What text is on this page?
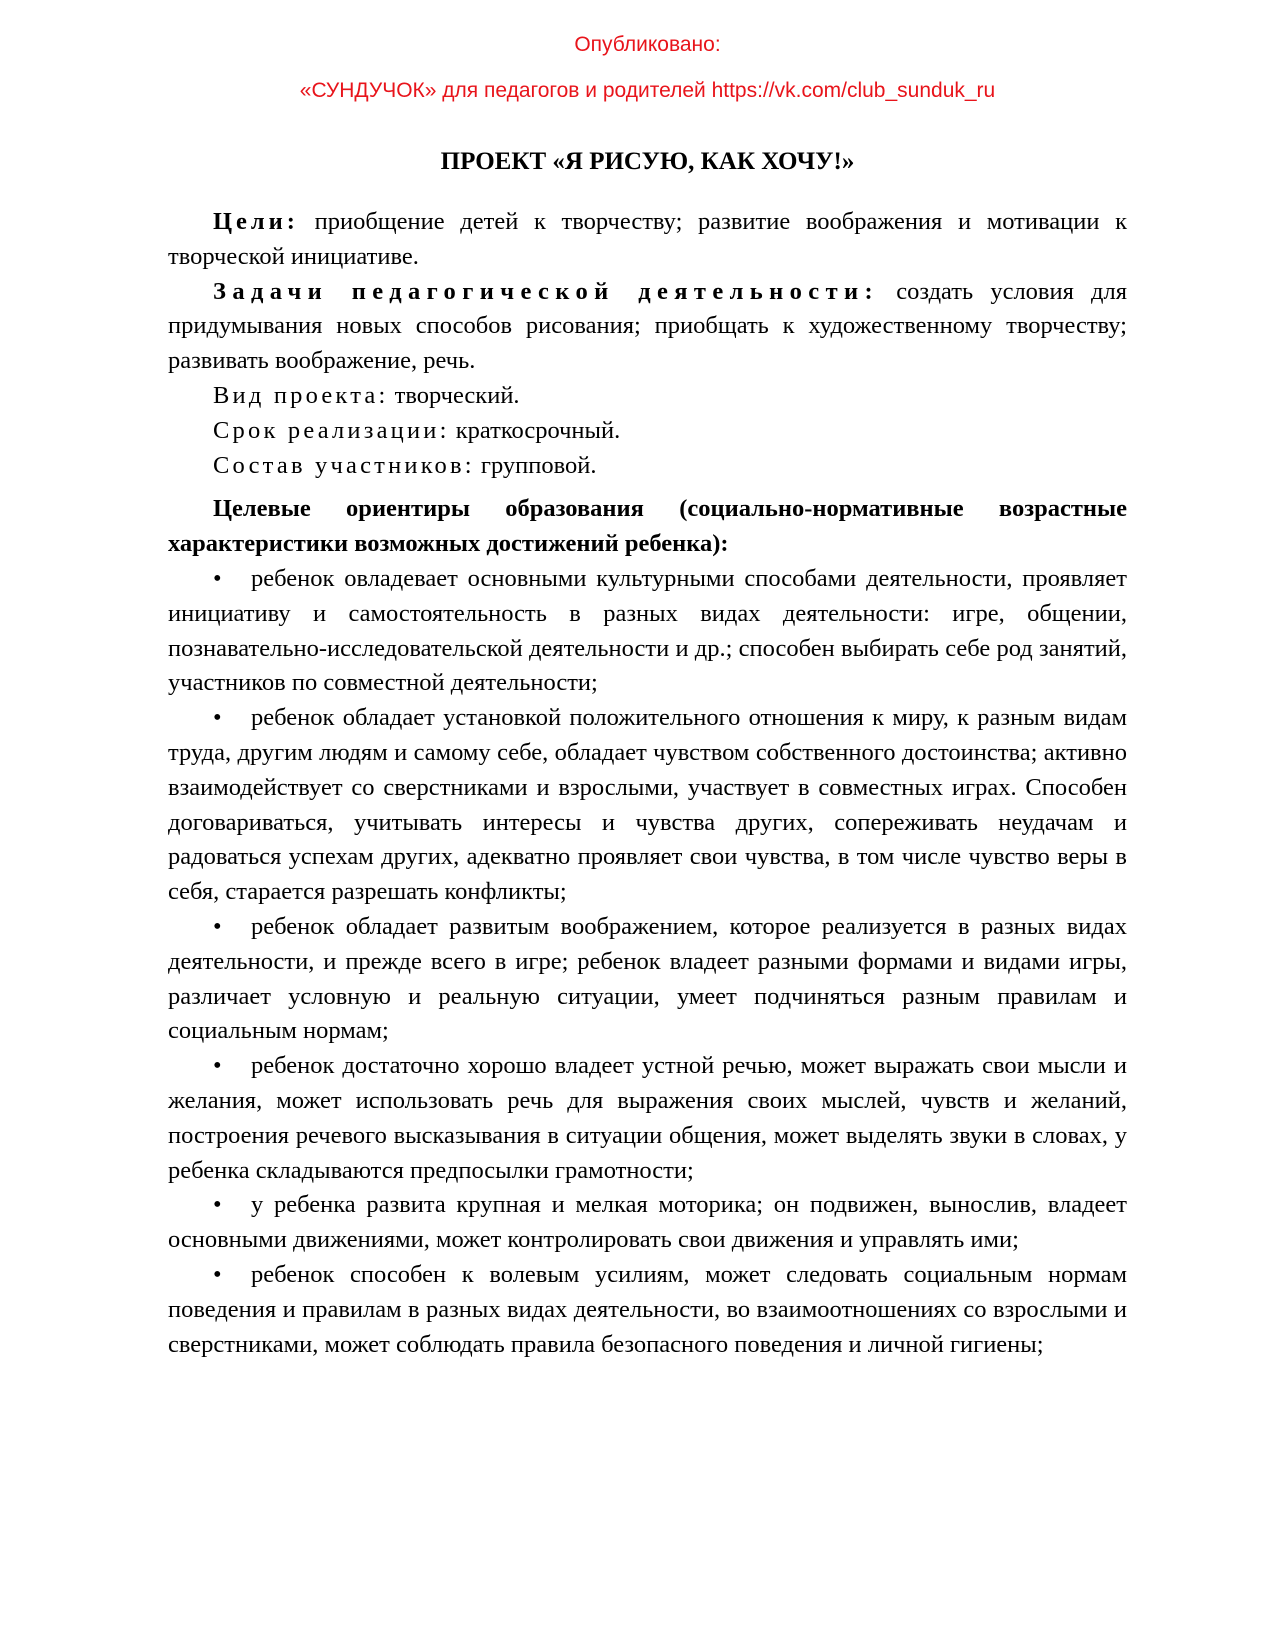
Опубликовано:
«СУНДУЧОК» для педагогов и родителей https://vk.com/club_sunduk_ru
ПРОЕКТ «Я РИСУЮ, КАК ХОЧУ!»

Цели: приобщение детей к творчеству; развитие воображения и мотивации к творческой инициативе.

Задачи педагогической деятельности: создать условия для придумывания новых способов рисования; приобщать к художественному творчеству; развивать воображение, речь.

Вид проекта: творческий.

Срок реализации: краткосрочный.

Состав участников: групповой.

Целевые ориентиры образования (социально-нормативные возрастные характеристики возможных достижений ребенка):

• ребенок овладевает основными культурными способами деятельности, проявляет инициативу и самостоятельность в разных видах деятельности: игре, общении, познавательно-исследовательской деятельности и др.; способен выбирать себе род занятий, участников по совместной деятельности;

• ребенок обладает установкой положительного отношения к миру, к разным видам труда, другим людям и самому себе, обладает чувством собственного достоинства; активно взаимодействует со сверстниками и взрослыми, участвует в совместных играх. Способен договариваться, учитывать интересы и чувства других, сопереживать неудачам и радоваться успехам других, адекватно проявляет свои чувства, в том числе чувство веры в себя, старается разрешать конфликты;

• ребенок обладает развитым воображением, которое реализуется в разных видах деятельности, и прежде всего в игре; ребенок владеет разными формами и видами игры, различает условную и реальную ситуации, умеет подчиняться разным правилам и социальным нормам;

• ребенок достаточно хорошо владеет устной речью, может выражать свои мысли и желания, может использовать речь для выражения своих мыслей, чувств и желаний, построения речевого высказывания в ситуации общения, может выделять звуки в словах, у ребенка складываются предпосылки грамотности;

• у ребенка развита крупная и мелкая моторика; он подвижен, вынослив, владеет основными движениями, может контролировать свои движения и управлять ими;

• ребенок способен к волевым усилиям, может следовать социальным нормам поведения и правилам в разных видах деятельности, во взаимоотношениях со взрослыми и сверстниками, может соблюдать правила безопасного поведения и личной гигиены;
